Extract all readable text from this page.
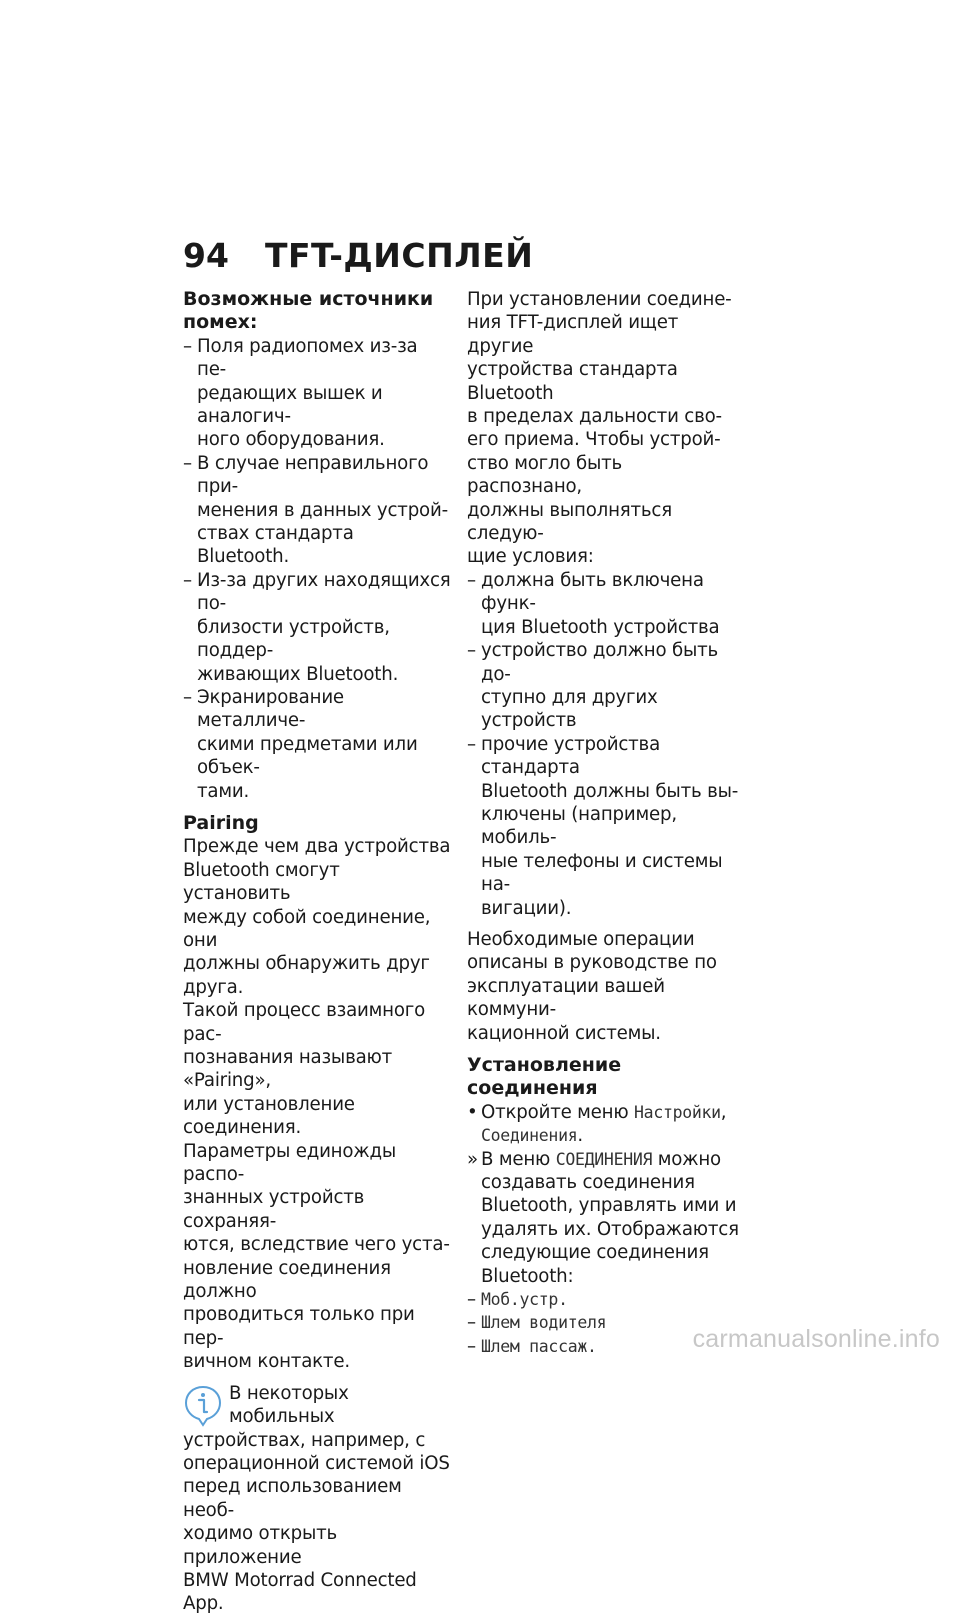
94 TFT-ДИСПЛЕЙ
Возможные источники
помех:
– Поля радиопомех из-за пе-
редающих вышек и аналогич-
ного оборудования.
– В случае неправильного при-
менения в данных устрой-
ствах стандарта Bluetooth.
– Из-за других находящихся по-
близости устройств, поддер-
живающих Bluetooth.
– Экранирование металличе-
скими предметами или объек-
тами.
Pairing
Прежде чем два устройства
Bluetooth смогут установить
между собой соединение, они
должны обнаружить друг друга.
Такой процесс взаимного рас-
познавания называют «Pairing»,
или установление соединения.
Параметры единожды распо-
знанных устройств сохраняя-
ются, вследствие чего уста-
новление соединения должно
проводиться только при пер-
вичном контакте.
В некоторых мобильных
устройствах, например, с
операционной системой iOS
перед использованием необ-
ходимо открыть приложение
BMW Motorrad Connected App.
При установлении соедине-
ния TFT-дисплей ищет другие
устройства стандарта Bluetooth
в пределах дальности сво-
его приема. Чтобы устрой-
ство могло быть распознано,
должны выполняться следую-
щие условия:
– должна быть включена функ-
ция Bluetooth устройства
– устройство должно быть до-
ступно для других устройств
– прочие устройства стандарта
Bluetooth должны быть вы-
ключены (например, мобиль-
ные телефоны и системы на-
вигации).
Необходимые операции
описаны в руководстве по
эксплуатации вашей коммуни-
кационной системы.
Установление соединения
• Откройте меню Настройки,
Соединения.
» В меню СОЕДИНЕНИЯ можно
создавать соединения
Bluetooth, управлять ими и
удалять их. Отображаются
следующие соединения
Bluetooth:
– Моб.устр.
– Шлем водителя
– Шлем пассаж.	carmanualsonline.info
